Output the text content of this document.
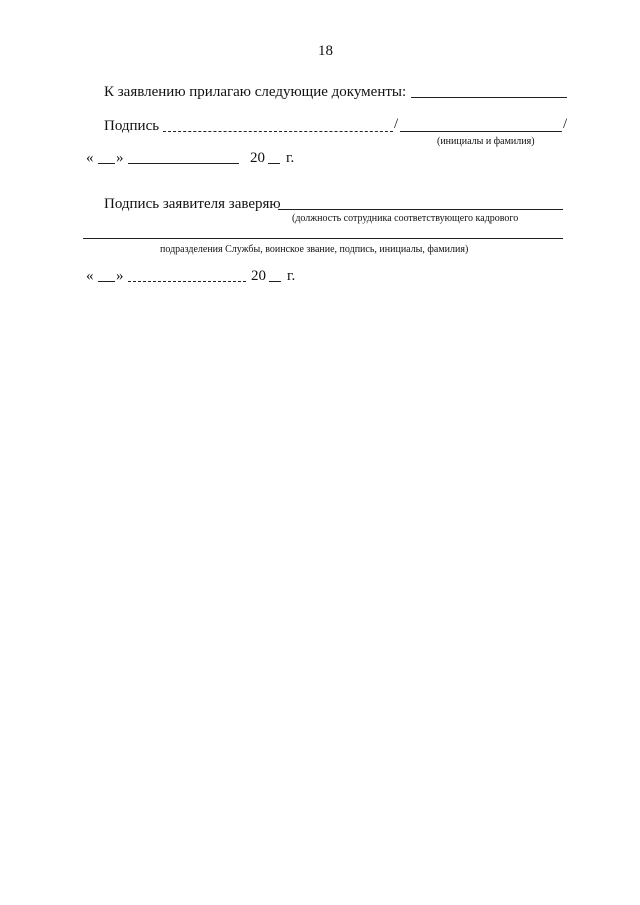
18
К заявлению прилагаю следующие документы:
Подпись	/	/
(инициалы и фамилия)
« »	20 г.
Подпись заявителя заверяю
(должность сотрудника соответствующего кадрового
подразделения Службы, воинское звание, подпись, инициалы, фамилия)
« »	20 г.
